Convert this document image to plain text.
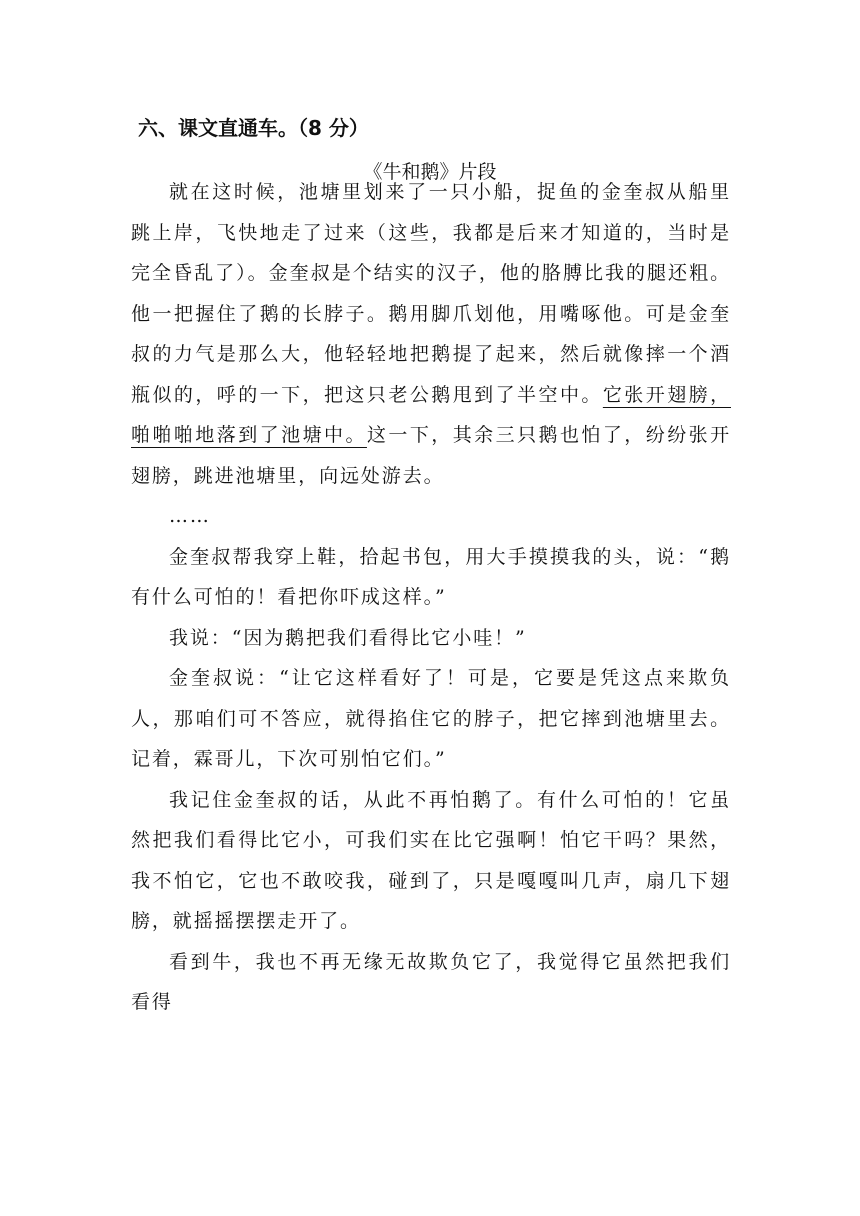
六、课文直通车。（8 分）
《牛和鹅》片段

就在这时候，池塘里划来了一只小船，捉鱼的金奎叔从船里跳上岸，飞快地走了过来（这些，我都是后来才知道的，当时是完全昏乱了）。金奎叔是个结实的汉子，他的胳膊比我的腿还粗。他一把握住了鹅的长脖子。鹅用脚爪划他，用嘴啄他。可是金奎叔的力气是那么大，他轻轻地把鹅提了起来，然后就像摔一个酒瓶似的，呼的一下，把这只老公鹅甩到了半空中。它张开翅膀，啪啪啪地落到了池塘中。这一下，其余三只鹅也怕了，纷纷张开翅膀，跳进池塘里，向远处游去。

……

金奎叔帮我穿上鞋，拾起书包，用大手摸摸我的头，说：“鹅有什么可怕的！看把你吓成这样。”

我说：“因为鹅把我们看得比它小哇！”

金奎叔说：“让它这样看好了！可是，它要是凭这点来欺负人，那咱们可不答应，就得掐住它的脖子，把它摔到池塘里去。记着，霖哥儿，下次可别怕它们。”

我记住金奎叔的话，从此不再怕鹅了。有什么可怕的！它虽然把我们看得比它小，可我们实在比它强啊！怕它干吗？果然，我不怕它，它也不敢咬我，碰到了，只是嘎嘎叫几声，扇几下翅膀，就摇摇摆摆走开了。

看到牛，我也不再无缘无故欺负它了，我觉得它虽然把我们看得
